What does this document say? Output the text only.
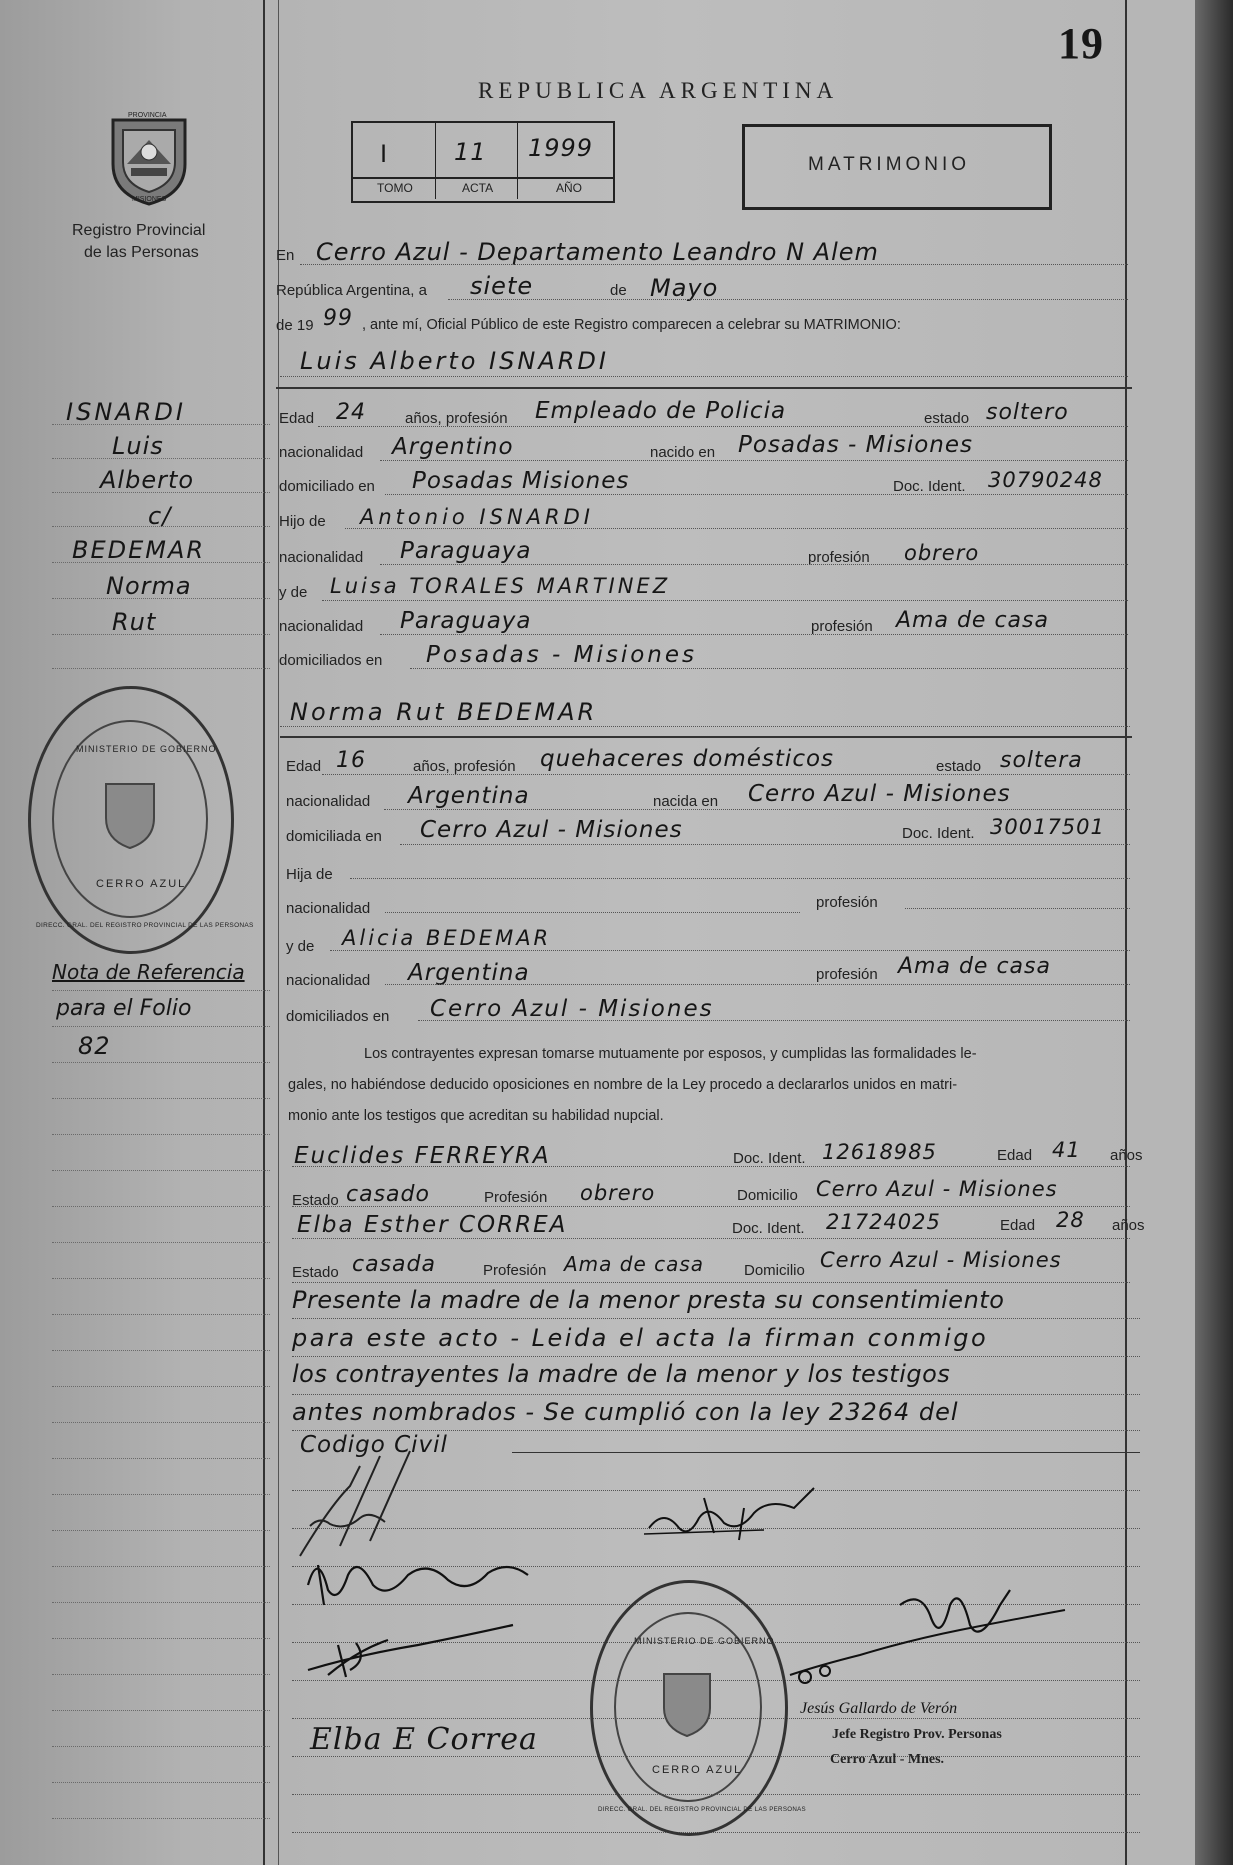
19
REPUBLICA ARGENTINA
PROVINCIA
MISIONES
Registro Provincial
de las Personas
I	11 1999
TOMO	ACTA	AÑO
MATRIMONIO
En Cerro Azul - Departamento Leandro N Alem
República Argentina, a siete	de Mayo
de 19 99 , ante mí, Oficial Público de este Registro comparecen a celebrar su MATRIMONIO:
Luis Alberto ISNARDI
Edad 24	años, profesión Empleado de Policia	estado soltero
nacionalidad Argentino	nacido en Posadas - Misiones
domiciliado en Posadas Misiones	Doc. Ident. 30790248
Hijo de Antonio ISNARDI
nacionalidad Paraguaya	profesión obrero
y de Luisa TORALES MARTINEZ
nacionalidad Paraguaya	profesión Ama de casa
domiciliados en Posadas - Misiones
Norma Rut BEDEMAR
Edad 16	años, profesión quehaceres domésticos	estado soltera
nacionalidad Argentina	nacida en Cerro Azul - Misiones
domiciliada en Cerro Azul - Misiones	Doc. Ident. 30017501
Hija de
nacionalidad	profesión
y de Alicia BEDEMAR
nacionalidad Argentina	profesión Ama de casa
domiciliados en Cerro Azul - Misiones
Los contrayentes expresan tomarse mutuamente por esposos, y cumplidas las formalidades le-
gales, no habiéndose deducido oposiciones en nombre de la Ley procedo a declararlos unidos en matri-
monio ante los testigos que acreditan su habilidad nupcial.
Euclides FERREYRA	Doc. Ident. 12618985	Edad 41 años
Estado casado	Profesión obrero	Domicilio Cerro Azul - Misiones
Elba Esther CORREA	Doc. Ident. 21724025	Edad 28 años
Estado casada	Profesión Ama de casa	Domicilio Cerro Azul - Misiones
Presente la madre de la menor presta su consentimiento
para este acto - Leida el acta la firman conmigo
los contrayentes la madre de la menor y los testigos
antes nombrados - Se cumplió con la ley 23264 del
Codigo Civil
Elba E Correa
Jesús Gallardo de Verón
Jefe Registro Prov. Personas
Cerro Azul - Mnes.
MINISTERIO DE GOBIERNO
CERRO AZUL
DIRECC. GRAL. DEL REGISTRO PROVINCIAL DE LAS PERSONAS
MINISTERIO DE GOBIERNO
CERRO AZUL
DIRECC. GRAL. DEL REGISTRO PROVINCIAL DE LAS PERSONAS
ISNARDI
Luis
Alberto
c/
BEDEMAR
Norma
Rut
Nota de Referencia
para el Folio
82
